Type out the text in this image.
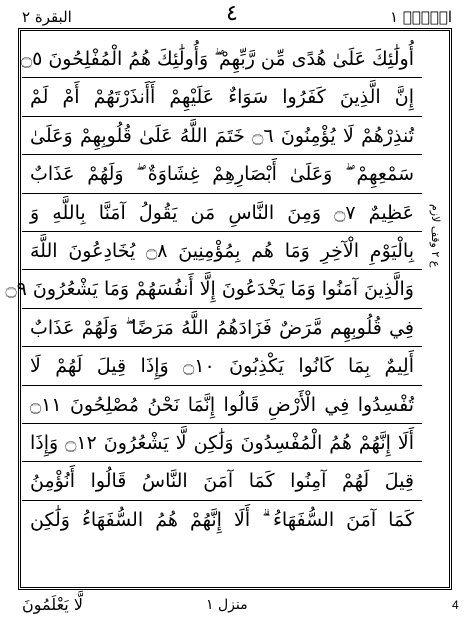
البقرة ٢	٤	الۤمّۤ ١
أُولَٰئِكَ عَلَىٰ هُدًى مِّن رَّبِّهِمْ ۖ وَأُولَٰئِكَ هُمُ الْمُفْلِحُونَ ۝٥
إِنَّ الَّذِينَ كَفَرُوا سَوَاءٌ عَلَيْهِمْ أَأَنذَرْتَهُمْ أَمْ لَمْ
تُنذِرْهُمْ لَا يُؤْمِنُونَ ۝٦ خَتَمَ اللَّهُ عَلَىٰ قُلُوبِهِمْ وَعَلَىٰ
سَمْعِهِمْ ۖ وَعَلَىٰ أَبْصَارِهِمْ غِشَاوَةٌ ۖ وَلَهُمْ عَذَابٌ
عَظِيمٌ ۝٧ وَمِنَ النَّاسِ مَن يَقُولُ آمَنَّا بِاللَّهِ وَ
بِالْيَوْمِ الْآخِرِ وَمَا هُم بِمُؤْمِنِينَ ۝٨ يُخَادِعُونَ اللَّهَ
وَالَّذِينَ آمَنُوا وَمَا يَخْدَعُونَ إِلَّا أَنفُسَهُمْ وَمَا يَشْعُرُونَ ۝٩
فِي قُلُوبِهِم مَّرَضٌ فَزَادَهُمُ اللَّهُ مَرَضًا ۖ وَلَهُمْ عَذَابٌ
أَلِيمٌ بِمَا كَانُوا يَكْذِبُونَ ۝١٠ وَإِذَا قِيلَ لَهُمْ لَا
تُفْسِدُوا فِي الْأَرْضِ قَالُوا إِنَّمَا نَحْنُ مُصْلِحُونَ ۝١١
أَلَا إِنَّهُمْ هُمُ الْمُفْسِدُونَ وَلَٰكِن لَّا يَشْعُرُونَ ۝١٢ وَإِذَا
قِيلَ لَهُمْ آمِنُوا كَمَا آمَنَ النَّاسُ قَالُوا أَنُؤْمِنُ
كَمَا آمَنَ السُّفَهَاءُ ۗ أَلَا إِنَّهُمْ هُمُ السُّفَهَاءُ وَلَٰكِن
ع ٢ وقف لازم
لَّا يَعْلَمُونَ	منزل ١	4
